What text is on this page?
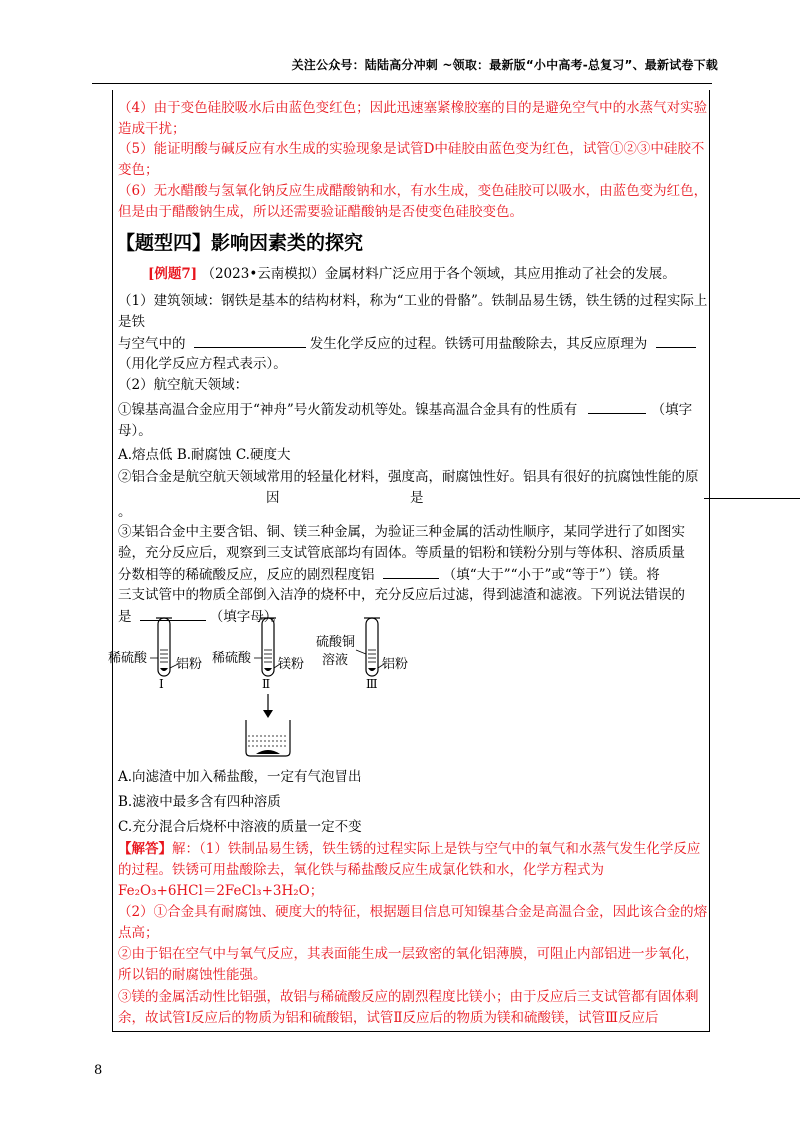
关注公众号：陆陆高分冲刺 ~领取：最新版“小中高考-总复习”、最新试卷下载
（4）由于变色硅胶吸水后由蓝色变红色；因此迅速塞紧橡胶塞的目的是避免空气中的水蒸气对实验造成干扰；
（5）能证明酸与碱反应有水生成的实验现象是试管D中硅胶由蓝色变为红色，试管①②③中硅胶不变色；
（6）无水醋酸与氢氧化钠反应生成醋酸钠和水，有水生成，变色硅胶可以吸水，由蓝色变为红色，但是由于醋酸钠生成，所以还需要验证醋酸钠是否使变色硅胶变色。
【题型四】影响因素类的探究
[例题7] （2023•云南模拟）金属材料广泛应用于各个领域，其应用推动了社会的发展。
（1）建筑领域：钢铁是基本的结构材料，称为“工业的骨骼”。铁制品易生锈，铁生锈的过程实际上是铁
与空气中的	发生化学反应的过程。铁锈可用盐酸除去，其反应原理为
（用化学反应方程式表示）。
（2）航空航天领域：
①镍基高温合金应用于“神舟”号火箭发动机等处。镍基高温合金具有的性质有	（填字母）。
A.熔点低 B.耐腐蚀 C.硬度大
②铝合金是航空航天领域常用的轻量化材料，强度高，耐腐蚀性好。铝具有很好的抗腐蚀性能的原
因	是
。
③某铝合金中主要含铝、铜、镁三种金属，为验证三种金属的活动性顺序，某同学进行了如图实
验，充分反应后，观察到三支试管底部均有固体。等质量的铝粉和镁粉分别与等体积、溶质质量
分数相等的稀硫酸反应，反应的剧烈程度铝	（填“大于”“小于”或“等于”）镁。将
三支试管中的物质全部倒入洁净的烧杯中，充分反应后过滤，得到滤渣和滤液。下列说法错误的
是	（填字母）。
稀硫酸 铝粉
Ⅰ
稀硫酸 镁粉
Ⅱ
硫酸铜
溶液	铝粉
Ⅲ
A.向滤渣中加入稀盐酸，一定有气泡冒出
B.滤液中最多含有四种溶质
C.充分混合后烧杯中溶液的质量一定不变
【解答】解：（1）铁制品易生锈，铁生锈的过程实际上是铁与空气中的氧气和水蒸气发生化学反应的过程。铁锈可用盐酸除去，氧化铁与稀盐酸反应生成氯化铁和水，化学方程式为
Fe₂O₃+6HCl＝2FeCl₃+3H₂O；
（2）①合金具有耐腐蚀、硬度大的特征，根据题目信息可知镍基合金是高温合金，因此该合金的熔点高；
②由于铝在空气中与氧气反应，其表面能生成一层致密的氧化铝薄膜，可阻止内部铝进一步氧化，所以铝的耐腐蚀性能强。
③镁的金属活动性比铝强，故铝与稀硫酸反应的剧烈程度比镁小；由于反应后三支试管都有固体剩余，故试管Ⅰ反应后的物质为铝和硫酸铝，试管Ⅱ反应后的物质为镁和硫酸镁，试管Ⅲ反应后
8
